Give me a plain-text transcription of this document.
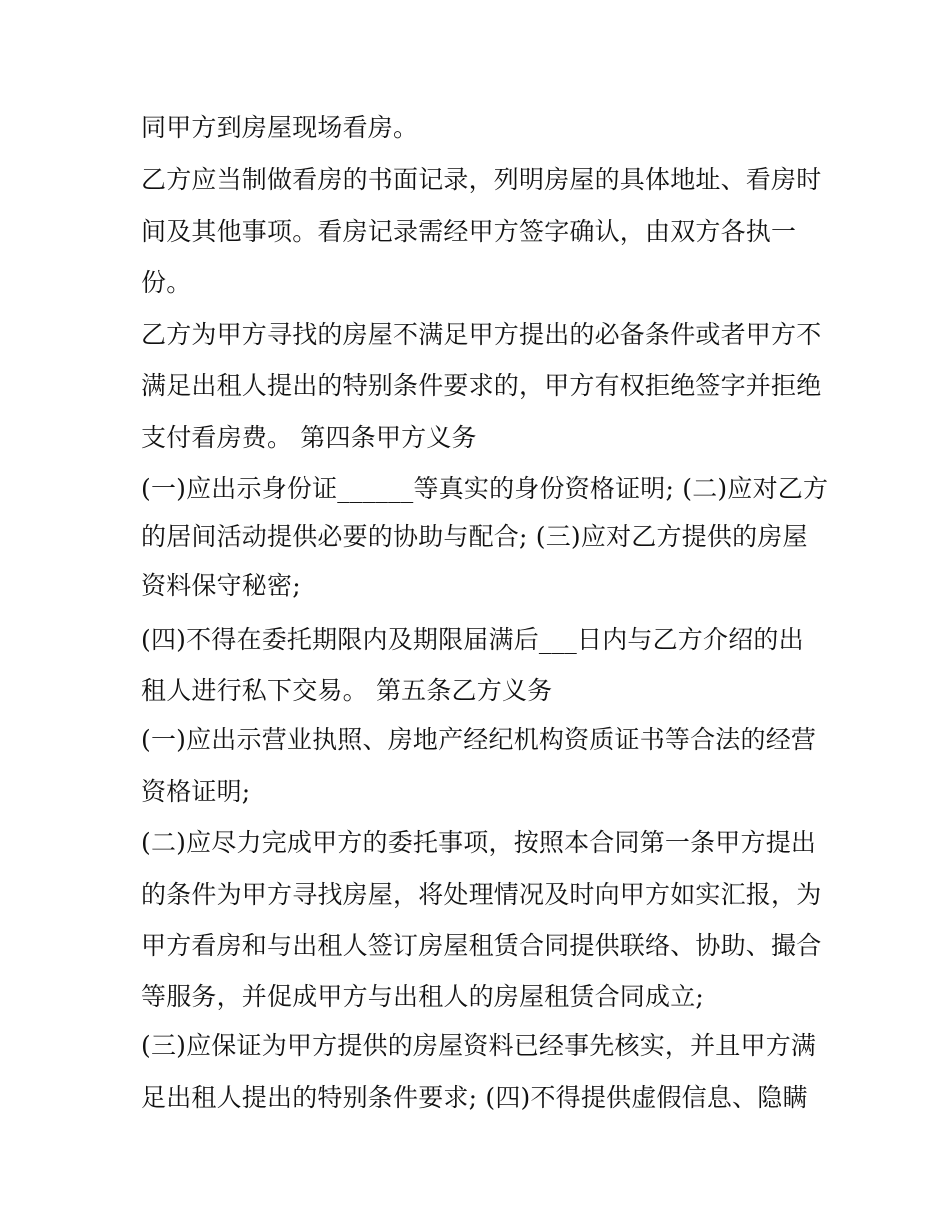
同甲方到房屋现场看房。
乙方应当制做看房的书面记录，列明房屋的具体地址、看房时
间及其他事项。看房记录需经甲方签字确认，由双方各执一
份。
乙方为甲方寻找的房屋不满足甲方提出的必备条件或者甲方不
满足出租人提出的特别条件要求的，甲方有权拒绝签字并拒绝
支付看房费。 第四条甲方义务
(一)应出示身份证______等真实的身份资格证明; (二)应对乙方
的居间活动提供必要的协助与配合; (三)应对乙方提供的房屋
资料保守秘密;
(四)不得在委托期限内及期限届满后___日内与乙方介绍的出
租人进行私下交易。 第五条乙方义务
(一)应出示营业执照、房地产经纪机构资质证书等合法的经营
资格证明;
(二)应尽力完成甲方的委托事项，按照本合同第一条甲方提出
的条件为甲方寻找房屋，将处理情况及时向甲方如实汇报，为
甲方看房和与出租人签订房屋租赁合同提供联络、协助、撮合
等服务，并促成甲方与出租人的房屋租赁合同成立;
(三)应保证为甲方提供的房屋资料已经事先核实，并且甲方满
足出租人提出的特别条件要求; (四)不得提供虚假信息、隐瞒
